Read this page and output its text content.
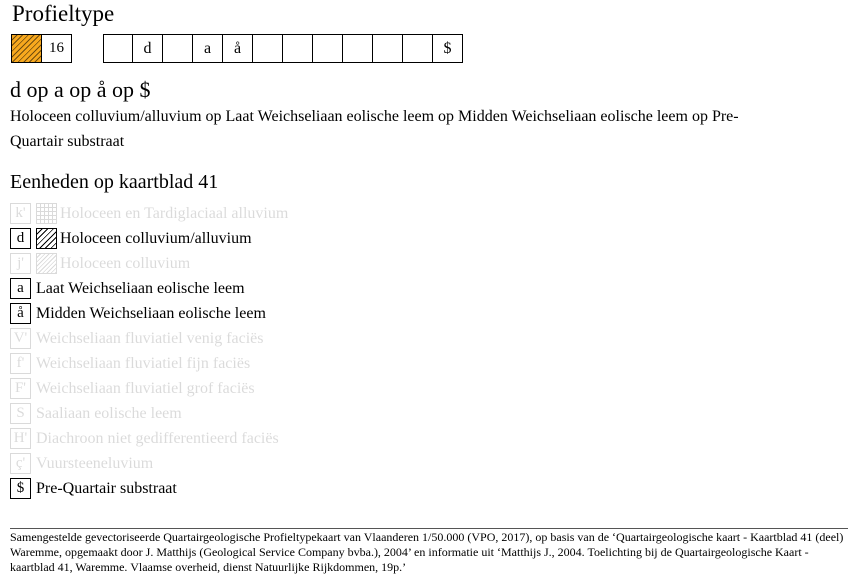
Profieltype
16	d	a	å	$
d op a op å op $
Holoceen colluvium/alluvium op Laat Weichseliaan eolische leem op Midden Weichseliaan eolische leem op Pre-Quartair substraat
Eenheden op kaartblad 41
k'	Holoceen en Tardiglaciaal alluvium
d	Holoceen colluvium/alluvium
j'	Holoceen colluvium
a Laat Weichseliaan eolische leem
å Midden Weichseliaan eolische leem
V' Weichseliaan fluviatiel venig faciës
f' Weichseliaan fluviatiel fijn faciës
F' Weichseliaan fluviatiel grof faciës
S Saaliaan eolische leem
H' Diachroon niet gedifferentieerd faciës
ç' Vuursteeneluvium
$ Pre-Quartair substraat
Samengestelde gevectoriseerde Quartairgeologische Profieltypekaart van Vlaanderen 1/50.000 (VPO, 2017), op basis van de ‘Quartairgeologische kaart - Kaartblad 41 (deel) Waremme, opgemaakt door J. Matthijs (Geological Service Company bvba.), 2004’ en informatie uit ‘Matthijs J., 2004. Toelichting bij de Quartairgeologische Kaart - kaartblad 41, Waremme. Vlaamse overheid, dienst Natuurlijke Rijkdommen, 19p.’
